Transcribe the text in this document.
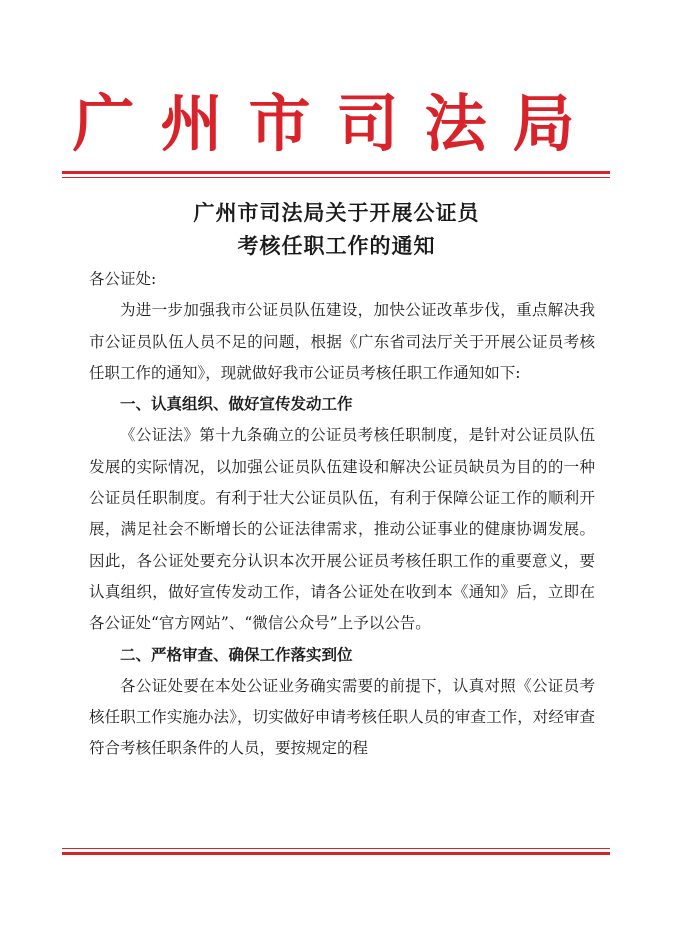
广州市司法局
广州市司法局关于开展公证员
考核任职工作的通知

各公证处:

为进一步加强我市公证员队伍建设，加快公证改革步伐，重点解决我市公证员队伍人员不足的问题，根据《广东省司法厅关于开展公证员考核任职工作的通知》，现就做好我市公证员考核任职工作通知如下:

一、认真组织、做好宣传发动工作

《公证法》第十九条确立的公证员考核任职制度，是针对公证员队伍发展的实际情况，以加强公证员队伍建设和解决公证员缺员为目的的一种公证员任职制度。有利于壮大公证员队伍，有利于保障公证工作的顺利开展，满足社会不断增长的公证法律需求，推动公证事业的健康协调发展。因此，各公证处要充分认识本次开展公证员考核任职工作的重要意义，要认真组织，做好宣传发动工作，请各公证处在收到本《通知》后，立即在各公证处“官方网站”、“微信公众号”上予以公告。

二、严格审查、确保工作落实到位

各公证处要在本处公证业务确实需要的前提下，认真对照《公证员考核任职工作实施办法》，切实做好申请考核任职人员的审查工作，对经审查符合考核任职条件的人员，要按规定的程
